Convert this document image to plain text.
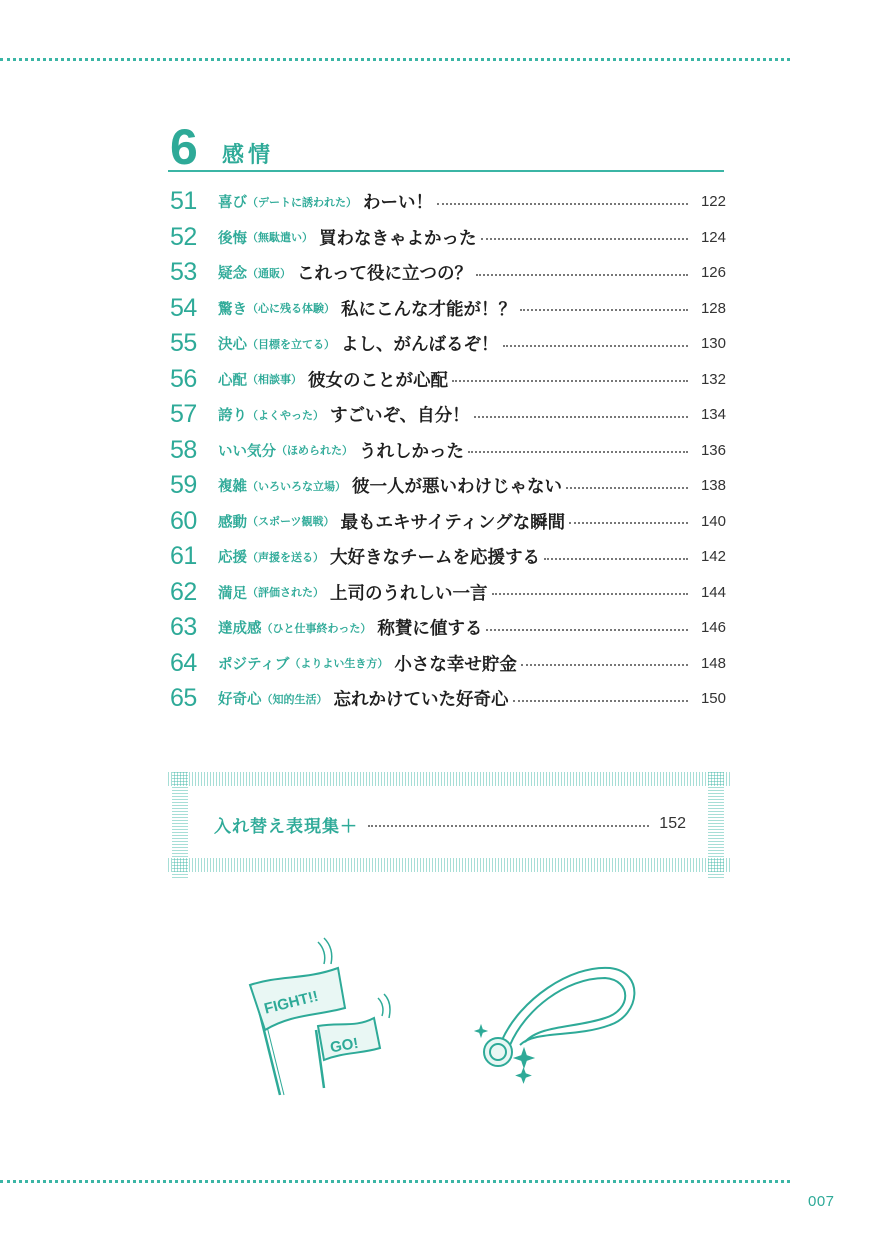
6 感情
51	喜び （デートに誘われた） わーい！	122
52	後悔 （無駄遣い） 買わなきゃよかった	124
53	疑念 （通販） これって役に立つの？	126
54	驚き （心に残る体験） 私にこんな才能が！？	128
55	決心 （目標を立てる） よし、がんばるぞ！	130
56	心配 （相談事） 彼女のことが心配	132
57	誇り （よくやった） すごいぞ、自分！	134
58	いい気分 （ほめられた） うれしかった	136
59	複雑 （いろいろな立場） 彼一人が悪いわけじゃない	138
60	感動 （スポーツ観戦） 最もエキサイティングな瞬間	140
61	応援 （声援を送る） 大好きなチームを応援する	142
62	満足 （評価された） 上司のうれしい一言	144
63	達成感 （ひと仕事終わった） 称賛に値する	146
64	ポジティブ （よりよい生き方） 小さな幸せ貯金	148
65	好奇心 （知的生活） 忘れかけていた好奇心	150
入れ替え表現集＋	152
FIGHT!!
GO!
007
